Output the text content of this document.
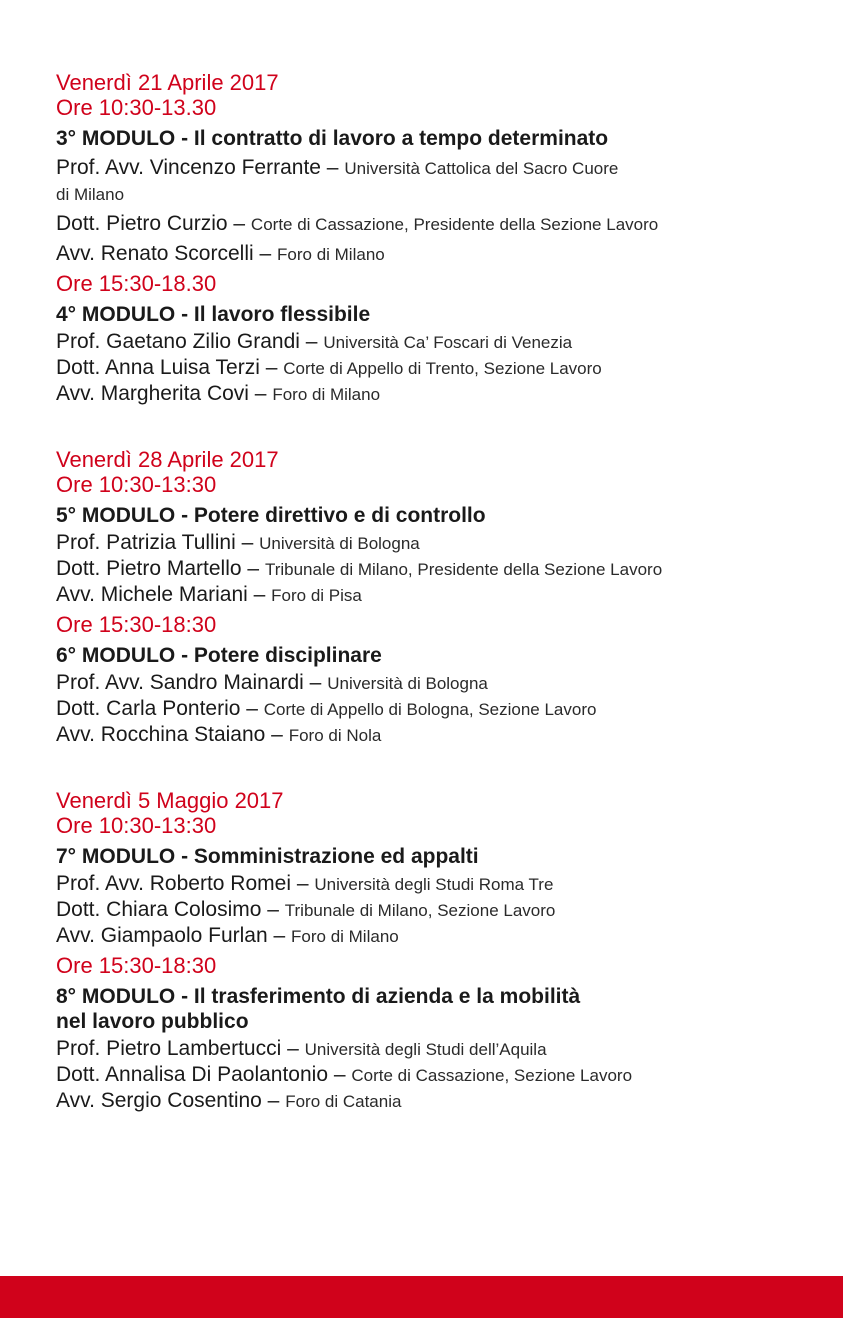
Venerdì 21 Aprile 2017
Ore 10:30-13.30
3° MODULO - Il contratto di lavoro a tempo determinato
Prof. Avv. Vincenzo Ferrante – Università Cattolica del Sacro Cuore
di Milano
Dott. Pietro Curzio – Corte di Cassazione, Presidente della Sezione Lavoro
Avv. Renato Scorcelli – Foro di Milano
Ore 15:30-18.30
4° MODULO - Il lavoro flessibile
Prof. Gaetano Zilio Grandi – Università Ca’ Foscari di Venezia
Dott. Anna Luisa Terzi – Corte di Appello di Trento, Sezione Lavoro
Avv. Margherita Covi – Foro di Milano
Venerdì 28 Aprile 2017
Ore 10:30-13:30
5° MODULO - Potere direttivo e di controllo
Prof. Patrizia Tullini – Università di Bologna
Dott. Pietro Martello – Tribunale di Milano, Presidente della Sezione Lavoro
Avv. Michele Mariani – Foro di Pisa
Ore 15:30-18:30
6° MODULO - Potere disciplinare
Prof. Avv. Sandro Mainardi – Università di Bologna
Dott. Carla Ponterio – Corte di Appello di Bologna, Sezione Lavoro
Avv. Rocchina Staiano – Foro di Nola
Venerdì 5 Maggio 2017
Ore 10:30-13:30
7° MODULO - Somministrazione ed appalti
Prof. Avv. Roberto Romei – Università degli Studi Roma Tre
Dott. Chiara Colosimo – Tribunale di Milano, Sezione Lavoro
Avv. Giampaolo Furlan – Foro di Milano
Ore 15:30-18:30
8° MODULO - Il trasferimento di azienda e la mobilità
nel lavoro pubblico
Prof. Pietro Lambertucci – Università degli Studi dell’Aquila
Dott. Annalisa Di Paolantonio – Corte di Cassazione, Sezione Lavoro
Avv. Sergio Cosentino – Foro di Catania
